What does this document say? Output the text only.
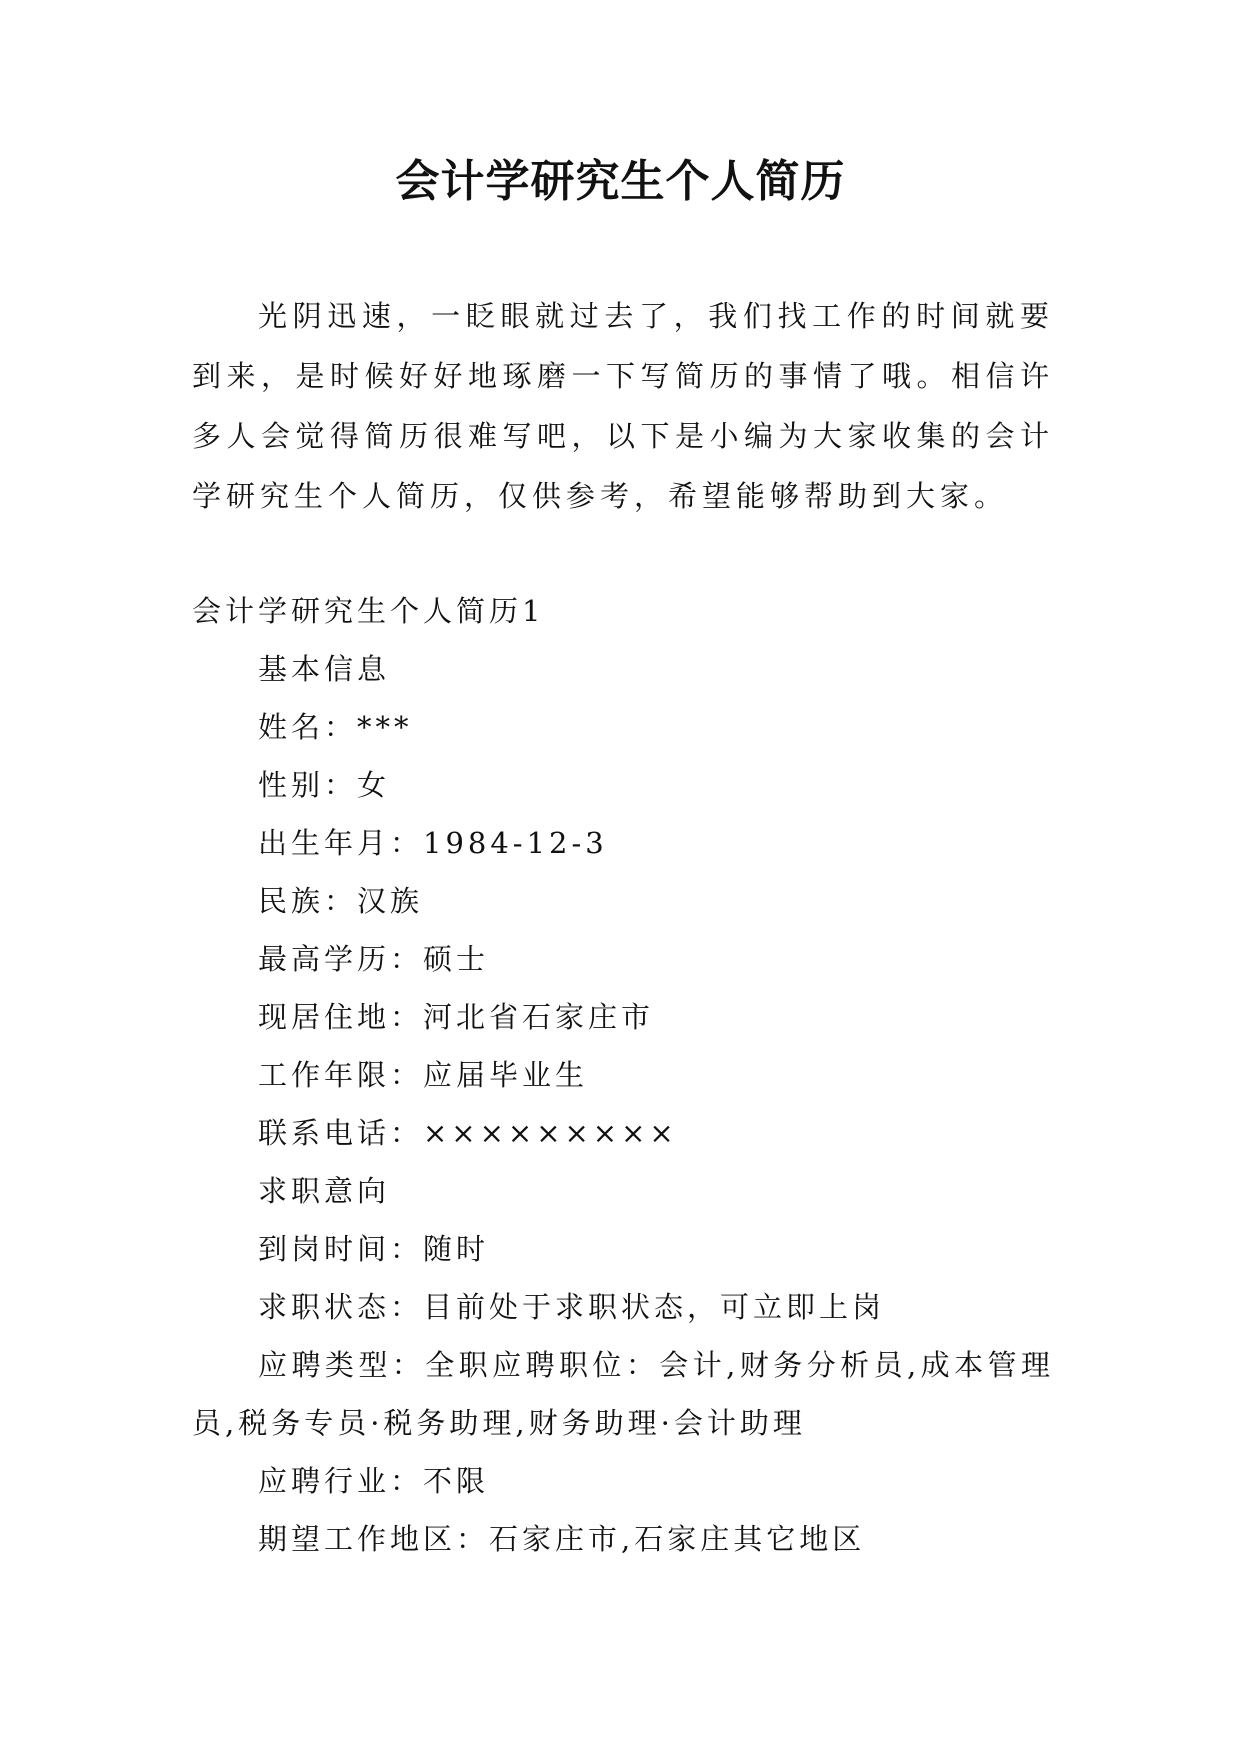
会计学研究生个人简历

光阴迅速，一眨眼就过去了，我们找工作的时间就要到来，是时候好好地琢磨一下写简历的事情了哦。相信许多人会觉得简历很难写吧，以下是小编为大家收集的会计学研究生个人简历，仅供参考，希望能够帮助到大家。

会计学研究生个人简历1
基本信息
姓名：***
性别：女
出生年月：1984-12-3
民族：汉族
最高学历：硕士
现居住地：河北省石家庄市
工作年限：应届毕业生
联系电话：×××××××××
求职意向
到岗时间：随时
求职状态：目前处于求职状态，可立即上岗
应聘类型：全职应聘职位：会计,财务分析员,成本管理员,税务专员·税务助理,财务助理·会计助理
应聘行业：不限
期望工作地区：石家庄市,石家庄其它地区
